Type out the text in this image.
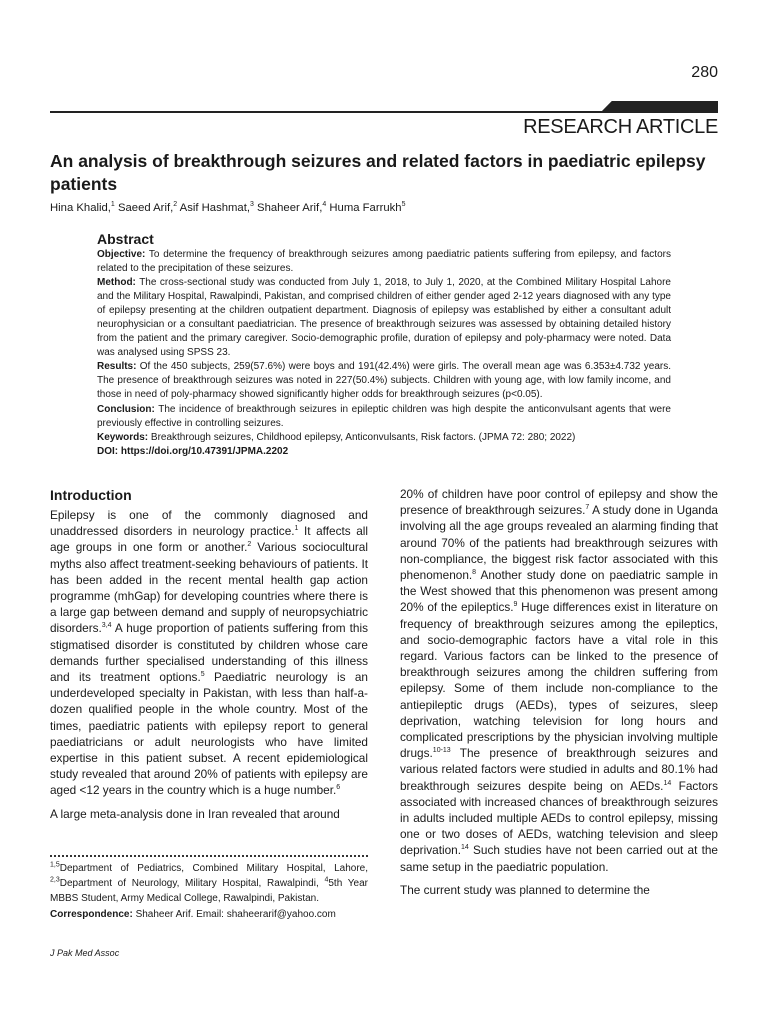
280
RESEARCH ARTICLE
An analysis of breakthrough seizures and related factors in paediatric epilepsy patients
Hina Khalid,$^1$ Saeed Arif,$^2$ Asif Hashmat,$^3$ Shaheer Arif,$^4$ Huma Farrukh$^5$
Abstract

Objective: To determine the frequency of breakthrough seizures among paediatric patients suffering from epilepsy, and factors related to the precipitation of these seizures.

Method: The cross-sectional study was conducted from July 1, 2018, to July 1, 2020, at the Combined Military Hospital Lahore and the Military Hospital, Rawalpindi, Pakistan, and comprised children of either gender aged 2-12 years diagnosed with any type of epilepsy presenting at the children outpatient department. Diagnosis of epilepsy was established by either a consultant adult neurophysician or a consultant paediatrician. The presence of breakthrough seizures was assessed by obtaining detailed history from the patient and the primary caregiver. Socio-demographic profile, duration of epilepsy and poly-pharmacy were noted. Data was analysed using SPSS 23.

Results: Of the 450 subjects, 259(57.6%) were boys and 191(42.4%) were girls. The overall mean age was 6.353±4.732 years. The presence of breakthrough seizures was noted in 227(50.4%) subjects. Children with young age, with low family income, and those in need of poly-pharmacy showed significantly higher odds for breakthrough seizures (p<0.05).

Conclusion: The incidence of breakthrough seizures in epileptic children was high despite the anticonvulsant agents that were previously effective in controlling seizures.

Keywords: Breakthrough seizures, Childhood epilepsy, Anticonvulsants, Risk factors. (JPMA 72: 280; 2022)

DOI: https://doi.org/10.47391/JPMA.2202

Introduction

Epilepsy is one of the commonly diagnosed and unaddressed disorders in neurology practice.$^1$ It affects all age groups in one form or another.$^2$ Various sociocultural myths also affect treatment-seeking behaviours of patients. It has been added in the recent mental health gap action programme (mhGap) for developing countries where there is a large gap between demand and supply of neuropsychiatric disorders.$^{3,4}$ A huge proportion of patients suffering from this stigmatised disorder is constituted by children whose care demands further specialised understanding of this illness and its treatment options.$^5$ Paediatric neurology is an underdeveloped specialty in Pakistan, with less than half-a-dozen qualified people in the whole country. Most of the times, paediatric patients with epilepsy report to general paediatricians or adult neurologists who have limited expertise in this patient subset. A recent epidemiological study revealed that around 20% of patients with epilepsy are aged <12 years in the country which is a huge number.$^6$

A large meta-analysis done in Iran revealed that around

$^{1,5}$Department of Pediatrics, Combined Military Hospital, Lahore, $^{2,3}$Department of Neurology, Military Hospital, Rawalpindi, $^4$5th Year MBBS Student, Army Medical College, Rawalpindi, Pakistan.
Correspondence: Shaheer Arif. Email: shaheerarif@yahoo.com

20% of children have poor control of epilepsy and show the presence of breakthrough seizures.$^7$ A study done in Uganda involving all the age groups revealed an alarming finding that around 70% of the patients had breakthrough seizures with non-compliance, the biggest risk factor associated with this phenomenon.$^8$ Another study done on paediatric sample in the West showed that this phenomenon was present among 20% of the epileptics.$^9$ Huge differences exist in literature on frequency of breakthrough seizures among the epileptics, and socio-demographic factors have a vital role in this regard. Various factors can be linked to the presence of breakthrough seizures among the children suffering from epilepsy. Some of them include non-compliance to the antiepileptic drugs (AEDs), types of seizures, sleep deprivation, watching television for long hours and complicated prescriptions by the physician involving multiple drugs.$^{10-13}$ The presence of breakthrough seizures and various related factors were studied in adults and 80.1% had breakthrough seizures despite being on AEDs.$^{14}$ Factors associated with increased chances of breakthrough seizures in adults included multiple AEDs to control epilepsy, missing one or two doses of AEDs, watching television and sleep deprivation.$^{14}$ Such studies have not been carried out at the same setup in the paediatric population.

The current study was planned to determine the

J Pak Med Assoc
